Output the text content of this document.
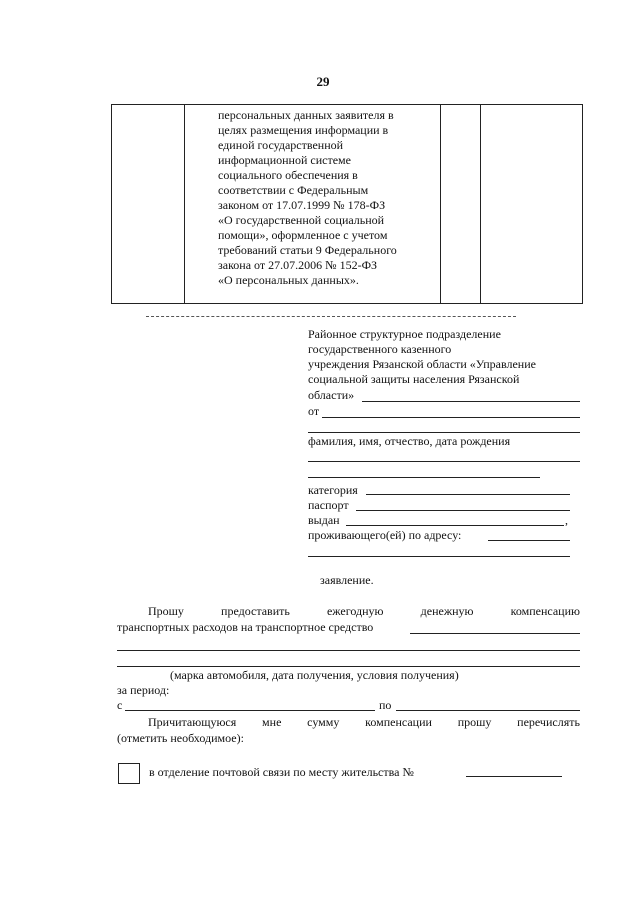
29
персональных данных заявителя в
целях размещения информации в
единой государственной
информационной системе
социального обеспечения в
соответствии с Федеральным
законом от 17.07.1999 № 178-ФЗ
«О государственной социальной
помощи», оформленное с учетом
требований статьи 9 Федерального
закона от 27.07.2006 № 152-ФЗ
«О персональных данных».
Районное структурное подразделение
государственного казенного
учреждения Рязанской области «Управление
социальной защиты населения Рязанской
области»
от
фамилия, имя, отчество, дата рождения
категория
паспорт
выдан	,
проживающего(ей) по адресу:
заявление.
Прошу	предоставить	ежегодную	денежную	компенсацию
транспортных расходов на транспортное средство
(марка автомобиля, дата получения, условия получения)
за период:
с	по
Причитающуюся мне сумму компенсации прошу перечислять
(отметить необходимое):
в отделение почтовой связи по месту жительства №
